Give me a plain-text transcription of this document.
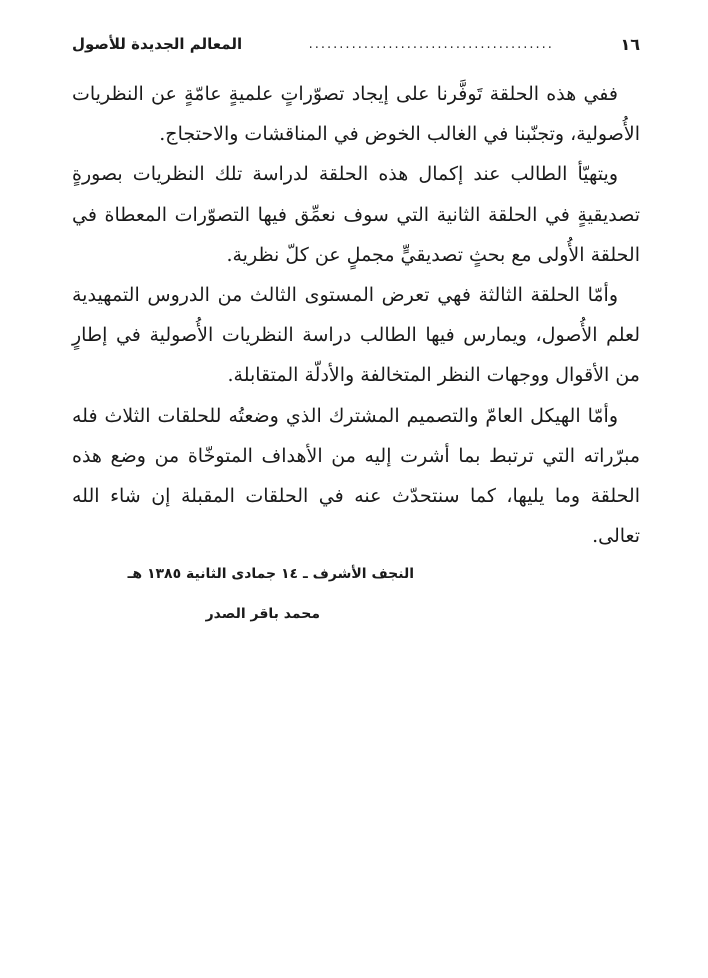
١٦
........................................
المعالم الجديدة للأصول

ففي هذه الحلقة تَوفَّرنا على إيجاد تصوّراتٍ علميةٍ عامّةٍ عن النظريات الأُصولية، وتجنّبنا في الغالب الخوض في المناقشات والاحتجاج.

ويتهيّأ الطالب عند إكمال هذه الحلقة لدراسة تلك النظريات بصورةٍ تصديقيةٍ في الحلقة الثانية التي سوف نعمِّق فيها التصوّرات المعطاة في الحلقة الأُولى مع بحثٍ تصديقيٍّ مجملٍ عن كلّ نظرية.

وأمّا الحلقة الثالثة فهي تعرض المستوى الثالث من الدروس التمهيدية لعلم الأُصول، ويمارس فيها الطالب دراسة النظريات الأُصولية في إطارٍ من الأقوال ووجهات النظر المتخالفة والأدلّة المتقابلة.

وأمّا الهيكل العامّ والتصميم المشترك الذي وضعتُه للحلقات الثلاث فله مبرّراته التي ترتبط بما أشرت إليه من الأهداف المتوخّاة من وضع هذه الحلقة وما يليها، كما سنتحدّث عنه في الحلقات المقبلة إن شاء الله تعالى.

النجف الأشرف ـ ١٤ جمادى الثانية ١٣٨٥ هـ
محمد باقر الصدر
